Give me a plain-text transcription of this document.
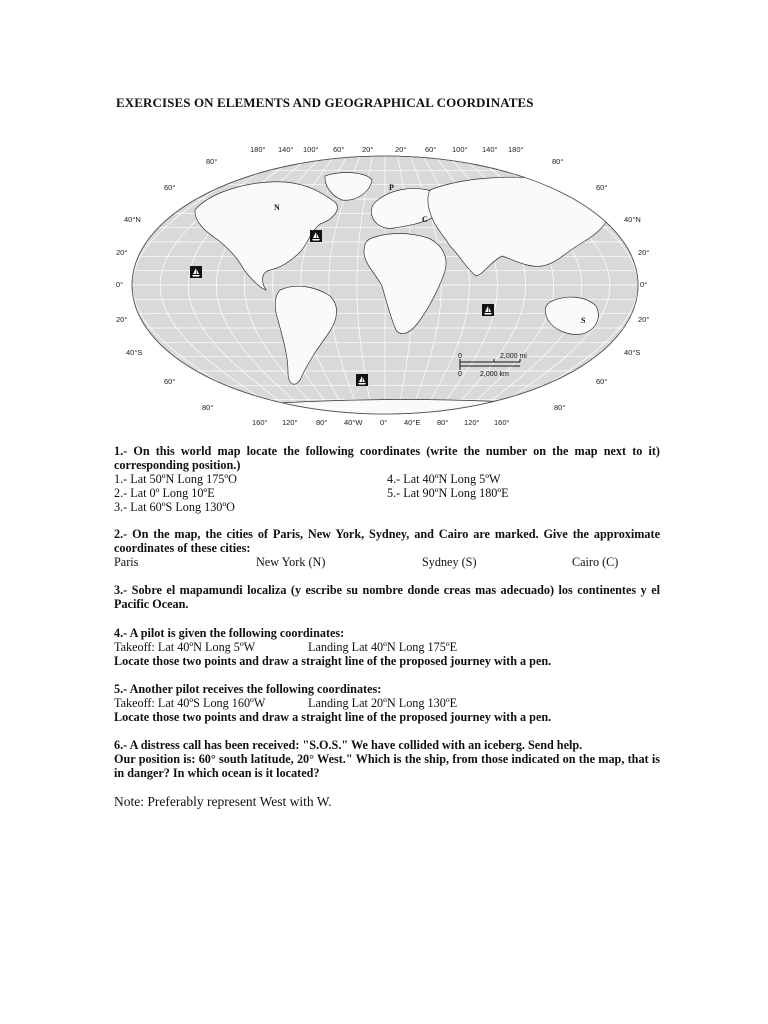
EXERCISES ON ELEMENTS AND GEOGRAPHICAL COORDINATES
180° 140° 100° 60° 20°	20° 60° 100° 140° 180°
160° 120° 80° 40°W 0° 40°E 80° 120° 160°
80°
60°
40°N
20°
0°
20°
40°S
60°
80°
80°
60°
40°N
20°
0°
20°
40°S
60°
80°
N
P
C
S
0	2,000 mi
0	2,000 km
1.- On this world map locate the following coordinates (write the number on the map next to it) corresponding position.)
1.- Lat 50ºN Long 175ºO
2.- Lat 0º Long 10ºE
3.- Lat 60ºS Long 130ºO
4.- Lat 40ºN Long 5ºW
5.- Lat 90ºN Long 180ºE
2.- On the map, the cities of Paris, New York, Sydney, and Cairo are marked. Give the approximate coordinates of these cities:
Paris	New York (N)	Sydney (S)	Cairo (C)
3.- Sobre el mapamundi localiza (y escribe su nombre donde creas mas adecuado) los continentes y el Pacific Ocean.
4.- A pilot is given the following coordinates:
Takeoff: Lat 40ºN Long 5ºW	Landing Lat 40ºN Long 175ºE
Locate those two points and draw a straight line of the proposed journey with a pen.
5.- Another pilot receives the following coordinates:
Takeoff: Lat 40ºS Long 160ºW	Landing Lat 20ºN Long 130ºE
Locate those two points and draw a straight line of the proposed journey with a pen.
6.- A distress call has been received: "S.O.S." We have collided with an iceberg. Send help.
Our position is: 60° south latitude, 20° West." Which is the ship, from those indicated on the map, that is in danger? In which ocean is it located?
Note: Preferably represent West with W.
